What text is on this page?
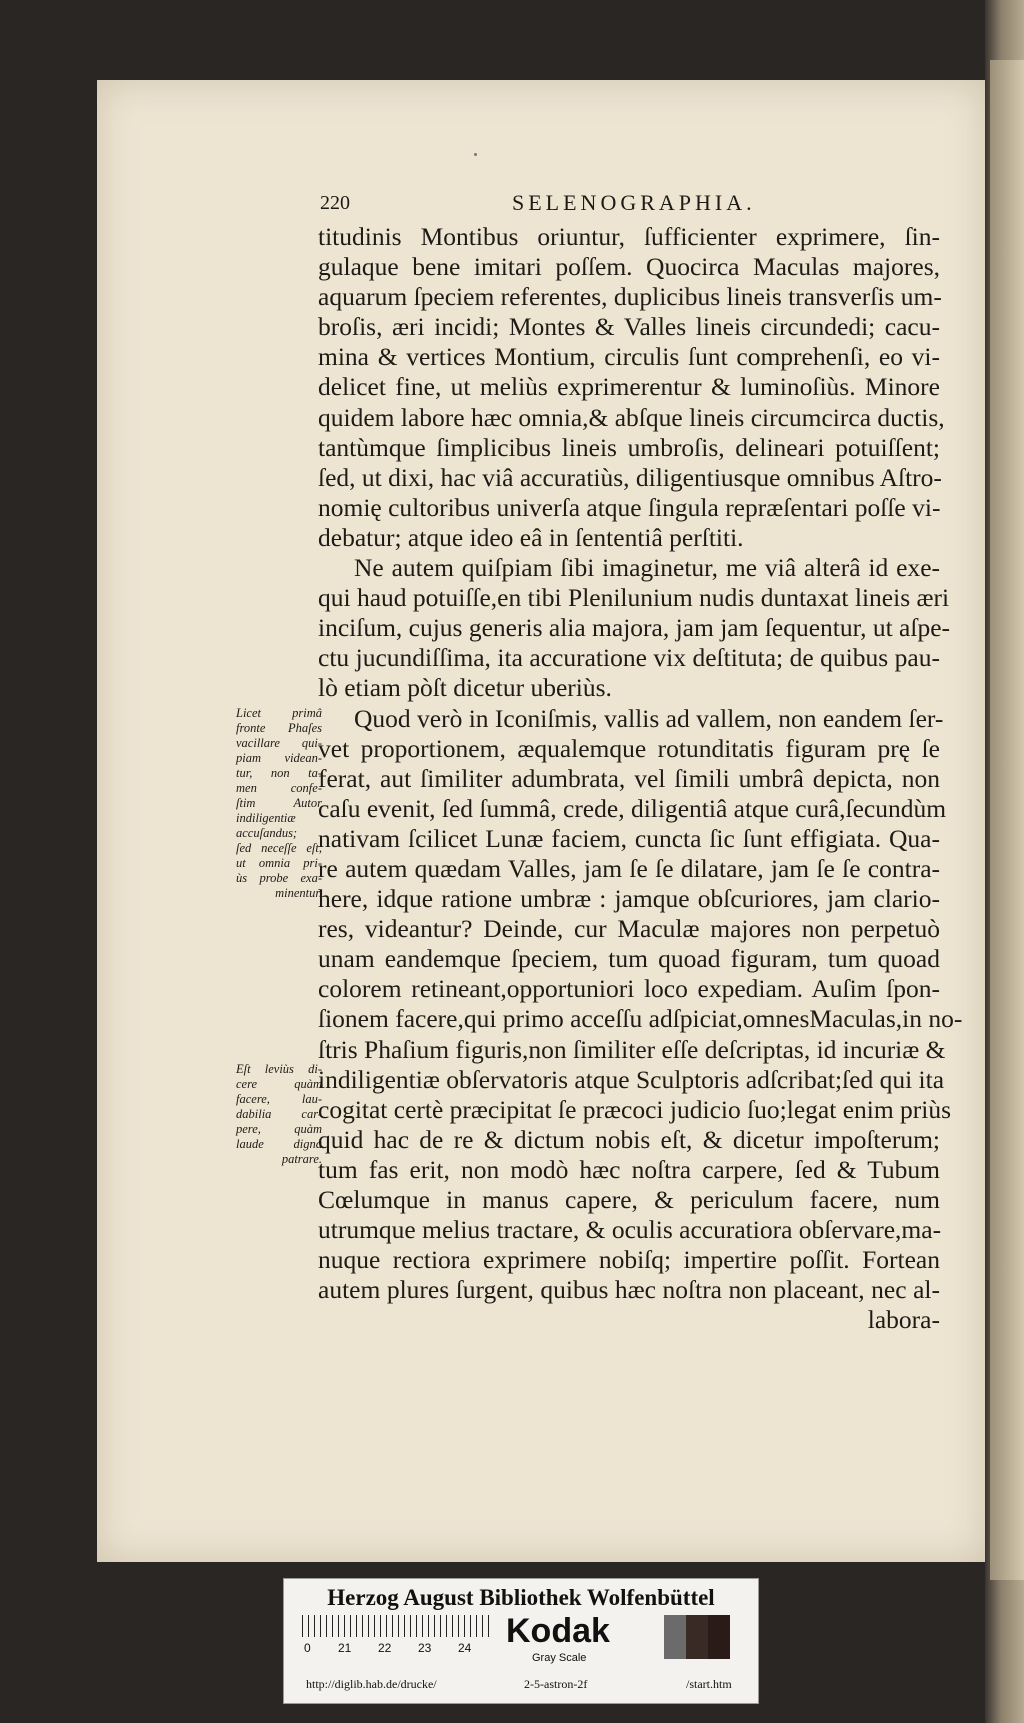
220	SELENOGRAPHIA.
titudinis Montibus oriuntur, ſufficienter exprimere, ſin-
gulaque bene imitari poſſem. Quocirca Maculas majores,
aquarum ſpeciem referentes, duplicibus lineis transverſis um-
broſis, æri incidi; Montes & Valles lineis circundedi; cacu-
mina & vertices Montium, circulis ſunt comprehenſi, eo vi-
delicet fine, ut meliùs exprimerentur & luminoſiùs. Minore
quidem labore hæc omnia,& abſque lineis circumcirca ductis,
tantùmque ſimplicibus lineis umbroſis, delineari potuiſſent;
ſed, ut dixi, hac viâ accuratiùs, diligentiusque omnibus Aſtro-
nomię cultoribus univerſa atque ſingula repræſentari poſſe vi-
debatur; atque ideo eâ in ſententiâ perſtiti.
Ne autem quiſpiam ſibi imaginetur, me viâ alterâ id exe-
qui haud potuiſſe,en tibi Plenilunium nudis duntaxat lineis æri
inciſum, cujus generis alia majora, jam jam ſequentur, ut aſpe-
ctu jucundiſſima, ita accuratione vix deſtituta; de quibus pau-
lò etiam pòſt dicetur uberiùs.
Quod verò in Iconiſmis, vallis ad vallem, non eandem ſer-
vet proportionem, æqualemque rotunditatis figuram prę ſe
ferat, aut ſimiliter adumbrata, vel ſimili umbrâ depicta, non
caſu evenit, ſed ſummâ, crede, diligentiâ atque curâ,ſecundùm
nativam ſcilicet Lunæ faciem, cuncta ſic ſunt effigiata. Qua-
re autem quædam Valles, jam ſe ſe dilatare, jam ſe ſe contra-
here, idque ratione umbræ : jamque obſcuriores, jam clario-
res, videantur? Deinde, cur Maculæ majores non perpetuò
unam eandemque ſpeciem, tum quoad figuram, tum quoad
colorem retineant,opportuniori loco expediam. Auſim ſpon-
ſionem facere,qui primo acceſſu adſpiciat,omnesMaculas,in no-
ſtris Phaſium figuris,non ſimiliter eſſe deſcriptas, id incuriæ &
indiligentiæ obſervatoris atque Sculptoris adſcribat;ſed qui ita
cogitat certè præcipitat ſe præcoci judicio ſuo;legat enim priùs
quid hac de re & dictum nobis eſt, & dicetur impoſterum;
tum fas erit, non modò hæc noſtra carpere, ſed & Tubum
Cœlumque in manus capere, & periculum facere, num
utrumque melius tractare, & oculis accuratiora obſervare,ma-
nuque rectiora exprimere nobiſq; impertire poſſit. Fortean
autem plures ſurgent, quibus hæc noſtra non placeant, nec al-
labora-
Licet primâ
fronte Phaſes
vacillare qui-
piam videan-
tur, non ta-
men confe-
ſtim Autor
indiligentiæ
accuſandus;
ſed neceſſe eſt,
ut omnia pri-
ùs probe exa-
minentur.
Eſt leviùs di-
cere quàm
facere, lau-
dabilia car-
pere, quàm
laude digna
patrare.
Herzog August Bibliothek Wolfenbüttel
0 21 22 23 24 Kodak
Gray Scale
http://diglib.hab.de/drucke/	2-5-astron-2f	/start.htm
